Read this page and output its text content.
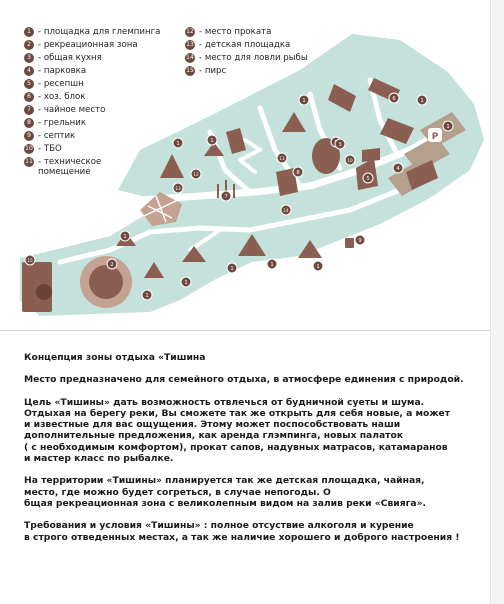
P
1
1
1
1	1
1
1	1
1
1
1
2
3
4
5
6
7
8
9
10
11
12
13
14
15
1 - площадка для глемпинга
2 - рекреационная зона
3 - общая кухня
4 - парковка
5 - ресепшн
6 - хоз. блок
7 - чайное место
8 - грельник
9 - септик
10 - ТБО
11 - техническое
помещение
12 - место проката
13 - детская площадка
14 - место для ловли рыбы
15 - пирс

Концепция зоны отдыха «Тишина

Место предназначено для семейного отдыха, в атмосфере единения с природой.

Цель «Тишины» дать возможность отвлечься от будничной суеты и шума.
Отдыхая на берегу реки, Вы сможете так же открыть для себя новые, а может
и известные для вас ощущения. Этому может поспособствовать наши
дополнительные предложения, как аренда глэмпинга, новых палаток
( с необходимым комфортом), прокат сапов, надувных матрасов, катамаранов
и мастер класс по рыбалке.

На территории «Тишины» планируется так же детская площадка, чайная,
место, где можно будет согреться, в случае непогоды. О
бщая рекреационная зона с великолепным видом на залив реки «Свияга».

Требования и условия «Тишины» : полное отсуствие алкоголя и курение
в строго отведенных местах, а так же наличие хорошего и доброго настроения !
